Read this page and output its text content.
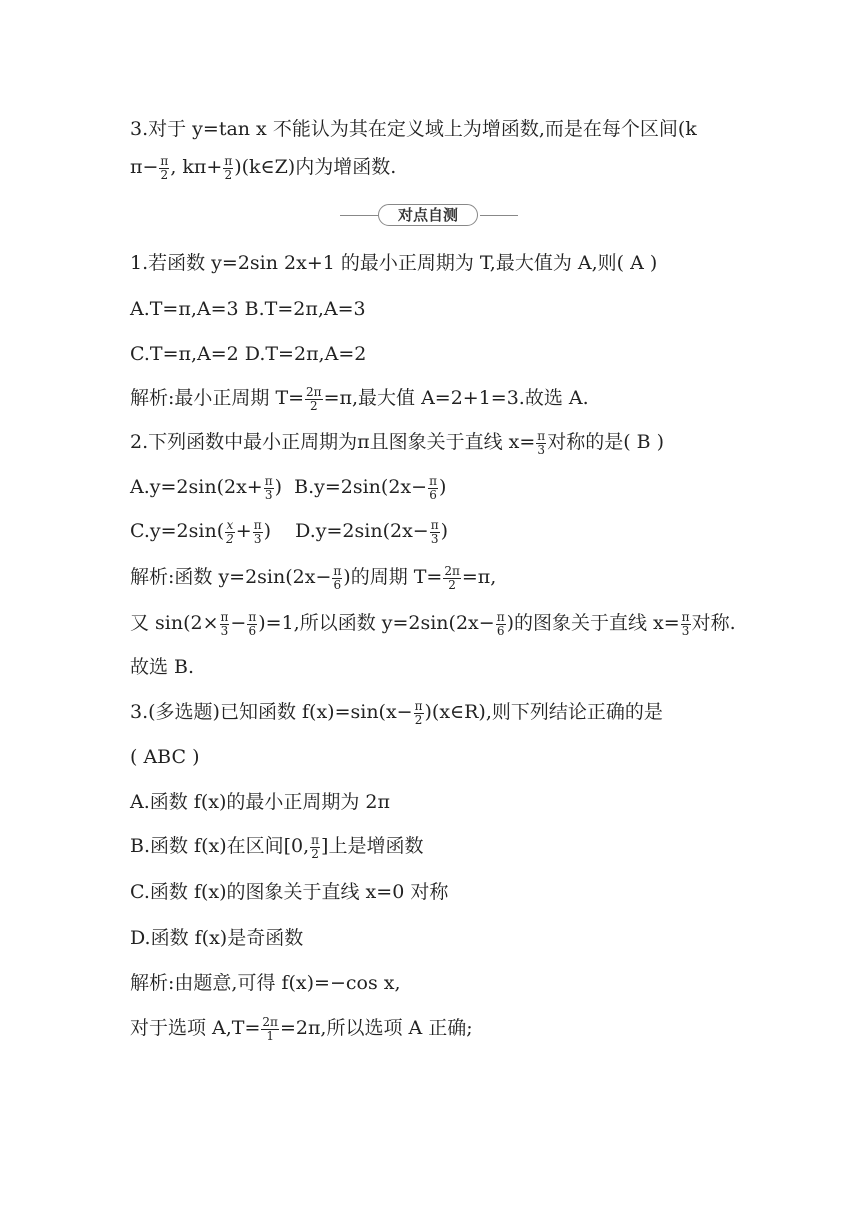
3.对于 y=tan x 不能认为其在定义域上为增函数,而是在每个区间(k
$\pi- \frac{\pi}{2}$ , $k\pi+ \frac{\pi}{2}$ )(k∈Z)内为增函数.
对点自测
1.若函数 y=2sin 2x+1 的最小正周期为 T,最大值为 A,则( A )
A.T=π,A=3 B.T=2π,A=3
C.T=π,A=2 D.T=2π,A=2
解析:最小正周期 $T= \frac{2\pi}{2} =\pi$,最大值 A=2+1=3.故选 A.
2.下列函数中最小正周期为π且图象关于直线 $x= \frac{\pi}{3}$ 对称的是( B )
$A.y=2\sin(2x+ \frac{\pi}{3}$ ) $B.y=2\sin(2x- \frac{\pi}{6}$ )
$C.y=2\sin( \frac{x}{2} + \frac{\pi}{3}$ ) $D.y=2\sin(2x- \frac{\pi}{3}$ )
解析:函数 $y=2\sin(2x- \frac{\pi}{6}$ )的周期 $T= \frac{2\pi}{2} =\pi$,
又 $\sin(2\times \frac{\pi}{3} - \frac{\pi}{6} )=1$,所以函数 $y=2\sin(2x- \frac{\pi}{6}$ )的图象关于直线 $x= \frac{\pi}{3}$ 对称.
故选 B.
3.(多选题)已知函数 $f(x)=\sin(x- \frac{\pi}{2}$ )(x∈R),则下列结论正确的是
( ABC )
A.函数 f(x)的最小正周期为 2π
B.函数 f(x)在区间[0, $\frac{\pi}{2}$ ]上是增函数
C.函数 f(x)的图象关于直线 x=0 对称
D.函数 f(x)是奇函数
解析:由题意,可得 f(x)=−cos x,
对于选项 $A,T= \frac{2\pi}{1} =2\pi$,所以选项 A 正确;
